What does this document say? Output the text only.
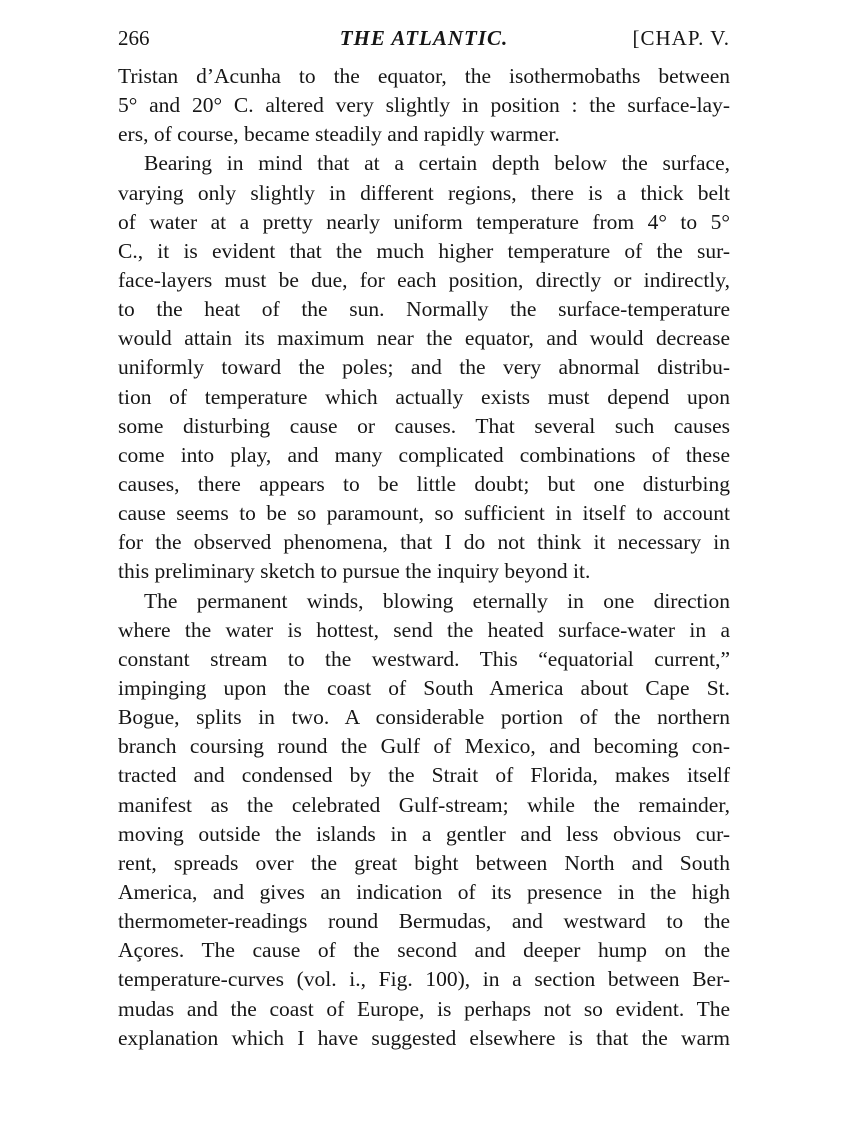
266	THE ATLANTIC.	[CHAP. V.
Tristan d’Acunha to the equator, the isothermobaths between
5° and 20° C. altered very slightly in position : the surface-lay-
ers, of course, became steadily and rapidly warmer.
Bearing in mind that at a certain depth below the surface,
varying only slightly in different regions, there is a thick belt
of water at a pretty nearly uniform temperature from 4° to 5°
C., it is evident that the much higher temperature of the sur-
face-layers must be due, for each position, directly or indirectly,
to the heat of the sun. Normally the surface-temperature
would attain its maximum near the equator, and would decrease
uniformly toward the poles; and the very abnormal distribu-
tion of temperature which actually exists must depend upon
some disturbing cause or causes. That several such causes
come into play, and many complicated combinations of these
causes, there appears to be little doubt; but one disturbing
cause seems to be so paramount, so sufficient in itself to account
for the observed phenomena, that I do not think it necessary in
this preliminary sketch to pursue the inquiry beyond it.
The permanent winds, blowing eternally in one direction
where the water is hottest, send the heated surface-water in a
constant stream to the westward. This “equatorial current,”
impinging upon the coast of South America about Cape St.
Bogue, splits in two. A considerable portion of the northern
branch coursing round the Gulf of Mexico, and becoming con-
tracted and condensed by the Strait of Florida, makes itself
manifest as the celebrated Gulf-stream; while the remainder,
moving outside the islands in a gentler and less obvious cur-
rent, spreads over the great bight between North and South
America, and gives an indication of its presence in the high
thermometer-readings round Bermudas, and westward to the
Açores. The cause of the second and deeper hump on the
temperature-curves (vol. i., Fig. 100), in a section between Ber-
mudas and the coast of Europe, is perhaps not so evident. The
explanation which I have suggested elsewhere is that the warm
